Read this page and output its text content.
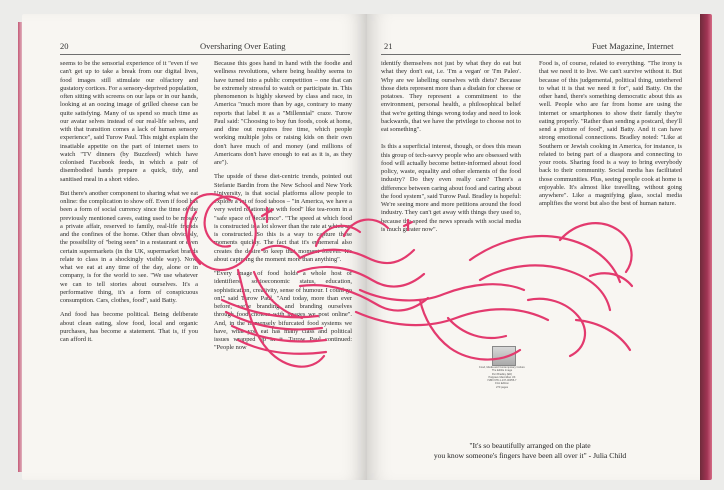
20	Oversharing Over Eating

seems to be the sensorial experience of it "even if we can't get up to take a break from our digital lives, food images still stimulate our olfactory and gustatory cortices. For a sensory-deprived population, often sitting with screens on our laps or in our hands, looking at an oozing image of grilled cheese can be quite satisfying. Many of us spend so much time as our avatar selves instead of our real-life selves, and with that transition comes a lack of human sensory experience", said Turow Paul. This might explain the insatiable appetite on the part of internet users to watch "TV dinners (by Buzzfeed) which have colonised Facebook feeds, in which a pair of disembodied hands prepare a quick, tidy, and sanitised meal in a short video.

But there's another component to sharing what we eat online: the complication to show off. Even if food has been a form of social currency since the time of the previously mentioned caves, eating used to be mostly a private affair, reserved to family, real-life friends and the confines of the home. Other than obviously, the possibility of "being seen" in a restaurant or even certain supermarkets (in the UK, supermarket brands relate to class in a shockingly visible way). Now, what we eat at any time of the day, alone or in company, is for the world to see. "We use whatever we can to tell stories about ourselves. It's a performative thing, it's a form of conspicuous consumption. Cars, clothes, food", said Batty.

And food has become political. Being deliberate about clean eating, slow food, local and organic purchases, has become a statement. That is, if you can afford it.

Because this goes hand in hand with the foodie and wellness revolutions, where being healthy seems to have turned into a public competition – one that can be extremely stressful to watch or participate in. This phenomenon is highly skewed by class and race, in America "much more than by age, contrary to many reports that label it as a "Millennial" craze. Turow Paul said: "Choosing to buy fun foods, cook at home, and dine out requires free time, which people working multiple jobs or raising kids on their own don't have much of and money (and millions of Americans don't have enough to eat as it is, as they are").

The upside of these diet-centric trends, pointed out Stefanie Bardin from the New School and New York University, is that social platforms allow people to explore a lot of food taboos – "in America, we have a very weird relationship with food" like tea-room in a "safe space of decadence". "The speed at which food is constructed is a lot slower than the rate at which art is constructed. So this is a way to capture these moments quickly. The fact that it's ephemeral also creates the desire to keep that moment forever. It's about capturing the moment more than anything".

"Every image of food holds a whole host of identifiers: socioeconomic status, education, sophistication, creativity, sense of humour. I could go on!" said Turow Paul. "And today, more than ever before, we're branding and branding ourselves through food choices with images we post online". And, in the immensely bifurcated food systems we have, what you eat has many class and political issues wrapped up in it. Turow Paul continued: "People now

21	Fuet Magazine, Internet

identify themselves not just by what they do eat but what they don't eat, i.e. 'I'm a vegan' or 'I'm Paleo'. Why are we labelling ourselves with diets? Because those diets represent more than a disdain for cheese or potatoes. They represent a commitment to the environment, personal health, a philosophical belief that we're getting things wrong today and need to look backwards, that we have the privilege to choose not to eat something".

Is this a superficial interest, though, or does this mean this group of tech-savvy people who are obsessed with food will actually become better-informed about food policy, waste, equality and other elements of the food industry? Do they even really care? There's a difference between caring about food and caring about the food system", said Turow Paul. Bradley is hopeful: We're seeing more and more petitions around the food industry. They can't get away with things they used to, because the speed the news spreads with social media is much greater now".

Food is, of course, related to everything. "The irony is that we need it to live. We can't survive without it. But because of this judgemental, political thing, untethered to what it is that we need it for", said Batty. On the other hand, there's something democratic about this as well. People who are far from home are using the internet or smartphones to show their family they're eating properly. "Rather than sending a postcard, they'll send a picture of food", said Batty. And it can have strong emotional connections. Bradley noted: "Like at Southern or Jewish cooking in America, for instance, is related to being part of a diaspora and connecting to your roots. Sharing food is a way to bring everybody back to their community. Social media has facilitated those communities. Plus, seeing people cook at home is enjoyable. It's almost like travelling, without going anywhere". Like a magnifying glass, social media amplifies the worst but also the best of human nature.

Food, Media and Contemporary Culture
The Edible Image
Peri Bradley (ED)
Palgrave Macmillan UK
ISBN 978-1-137-46355-7
First Edition
270 pages
"It's so beautifully arranged on the plate
you know someone's fingers have been all over it" - Julia Child
